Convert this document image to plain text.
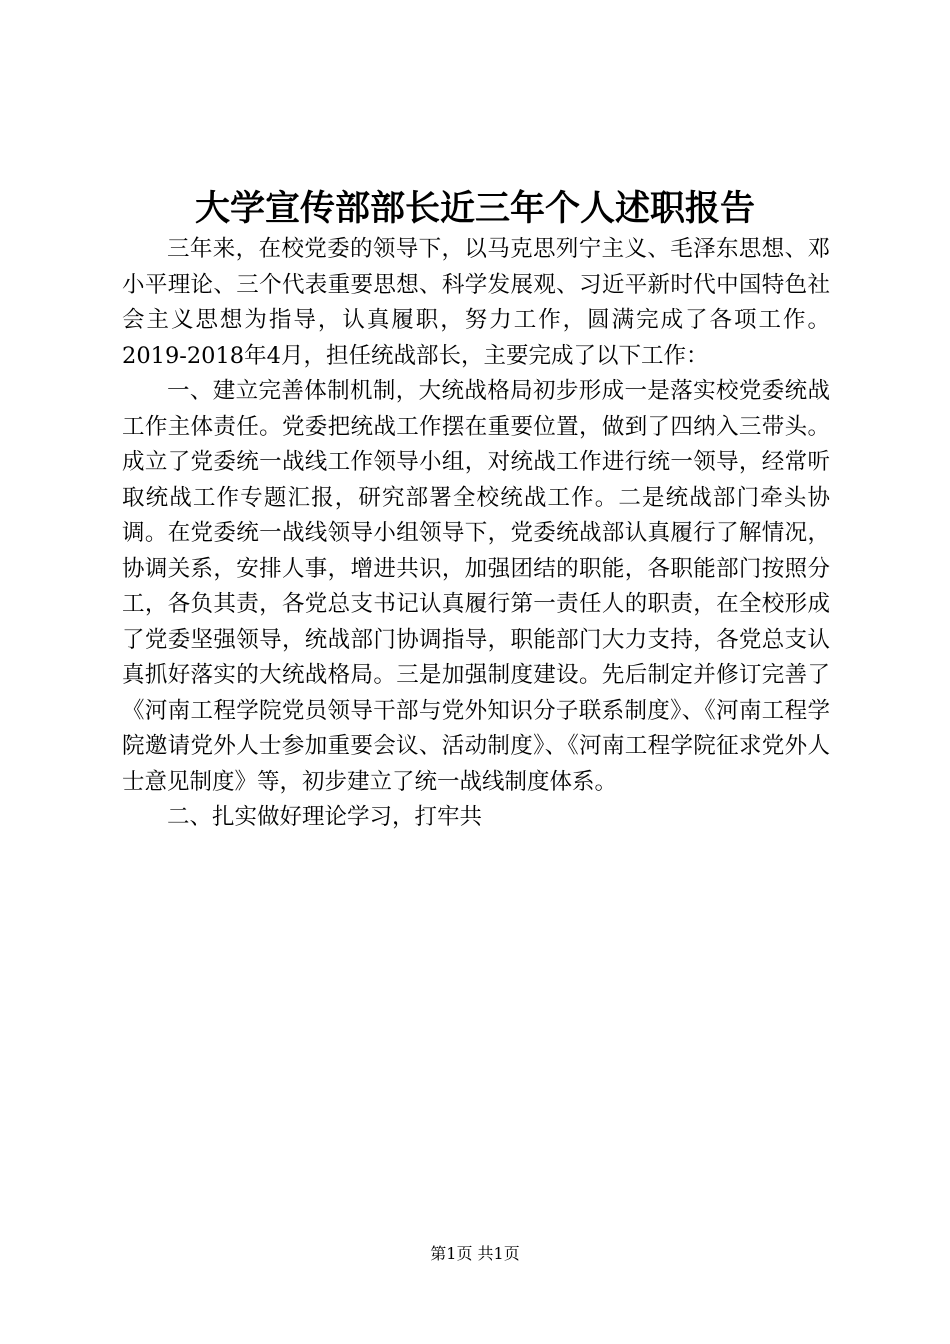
大学宣传部部长近三年个人述职报告

三年来，在校党委的领导下，以马克思列宁主义、毛泽东思想、邓小平理论、三个代表重要思想、科学发展观、习近平新时代中国特色社会主义思想为指导，认真履职，努力工作，圆满完成了各项工作。2019-2018年4月，担任统战部长，主要完成了以下工作：

一、建立完善体制机制，大统战格局初步形成一是落实校党委统战工作主体责任。党委把统战工作摆在重要位置，做到了四纳入三带头。成立了党委统一战线工作领导小组，对统战工作进行统一领导，经常听取统战工作专题汇报，研究部署全校统战工作。二是统战部门牵头协调。在党委统一战线领导小组领导下，党委统战部认真履行了解情况，协调关系，安排人事，增进共识，加强团结的职能，各职能部门按照分工，各负其责，各党总支书记认真履行第一责任人的职责，在全校形成了党委坚强领导，统战部门协调指导，职能部门大力支持，各党总支认真抓好落实的大统战格局。三是加强制度建设。先后制定并修订完善了《河南工程学院党员领导干部与党外知识分子联系制度》、《河南工程学院邀请党外人士参加重要会议、活动制度》、《河南工程学院征求党外人士意见制度》等，初步建立了统一战线制度体系。

二、扎实做好理论学习，打牢共

第1页 共1页
